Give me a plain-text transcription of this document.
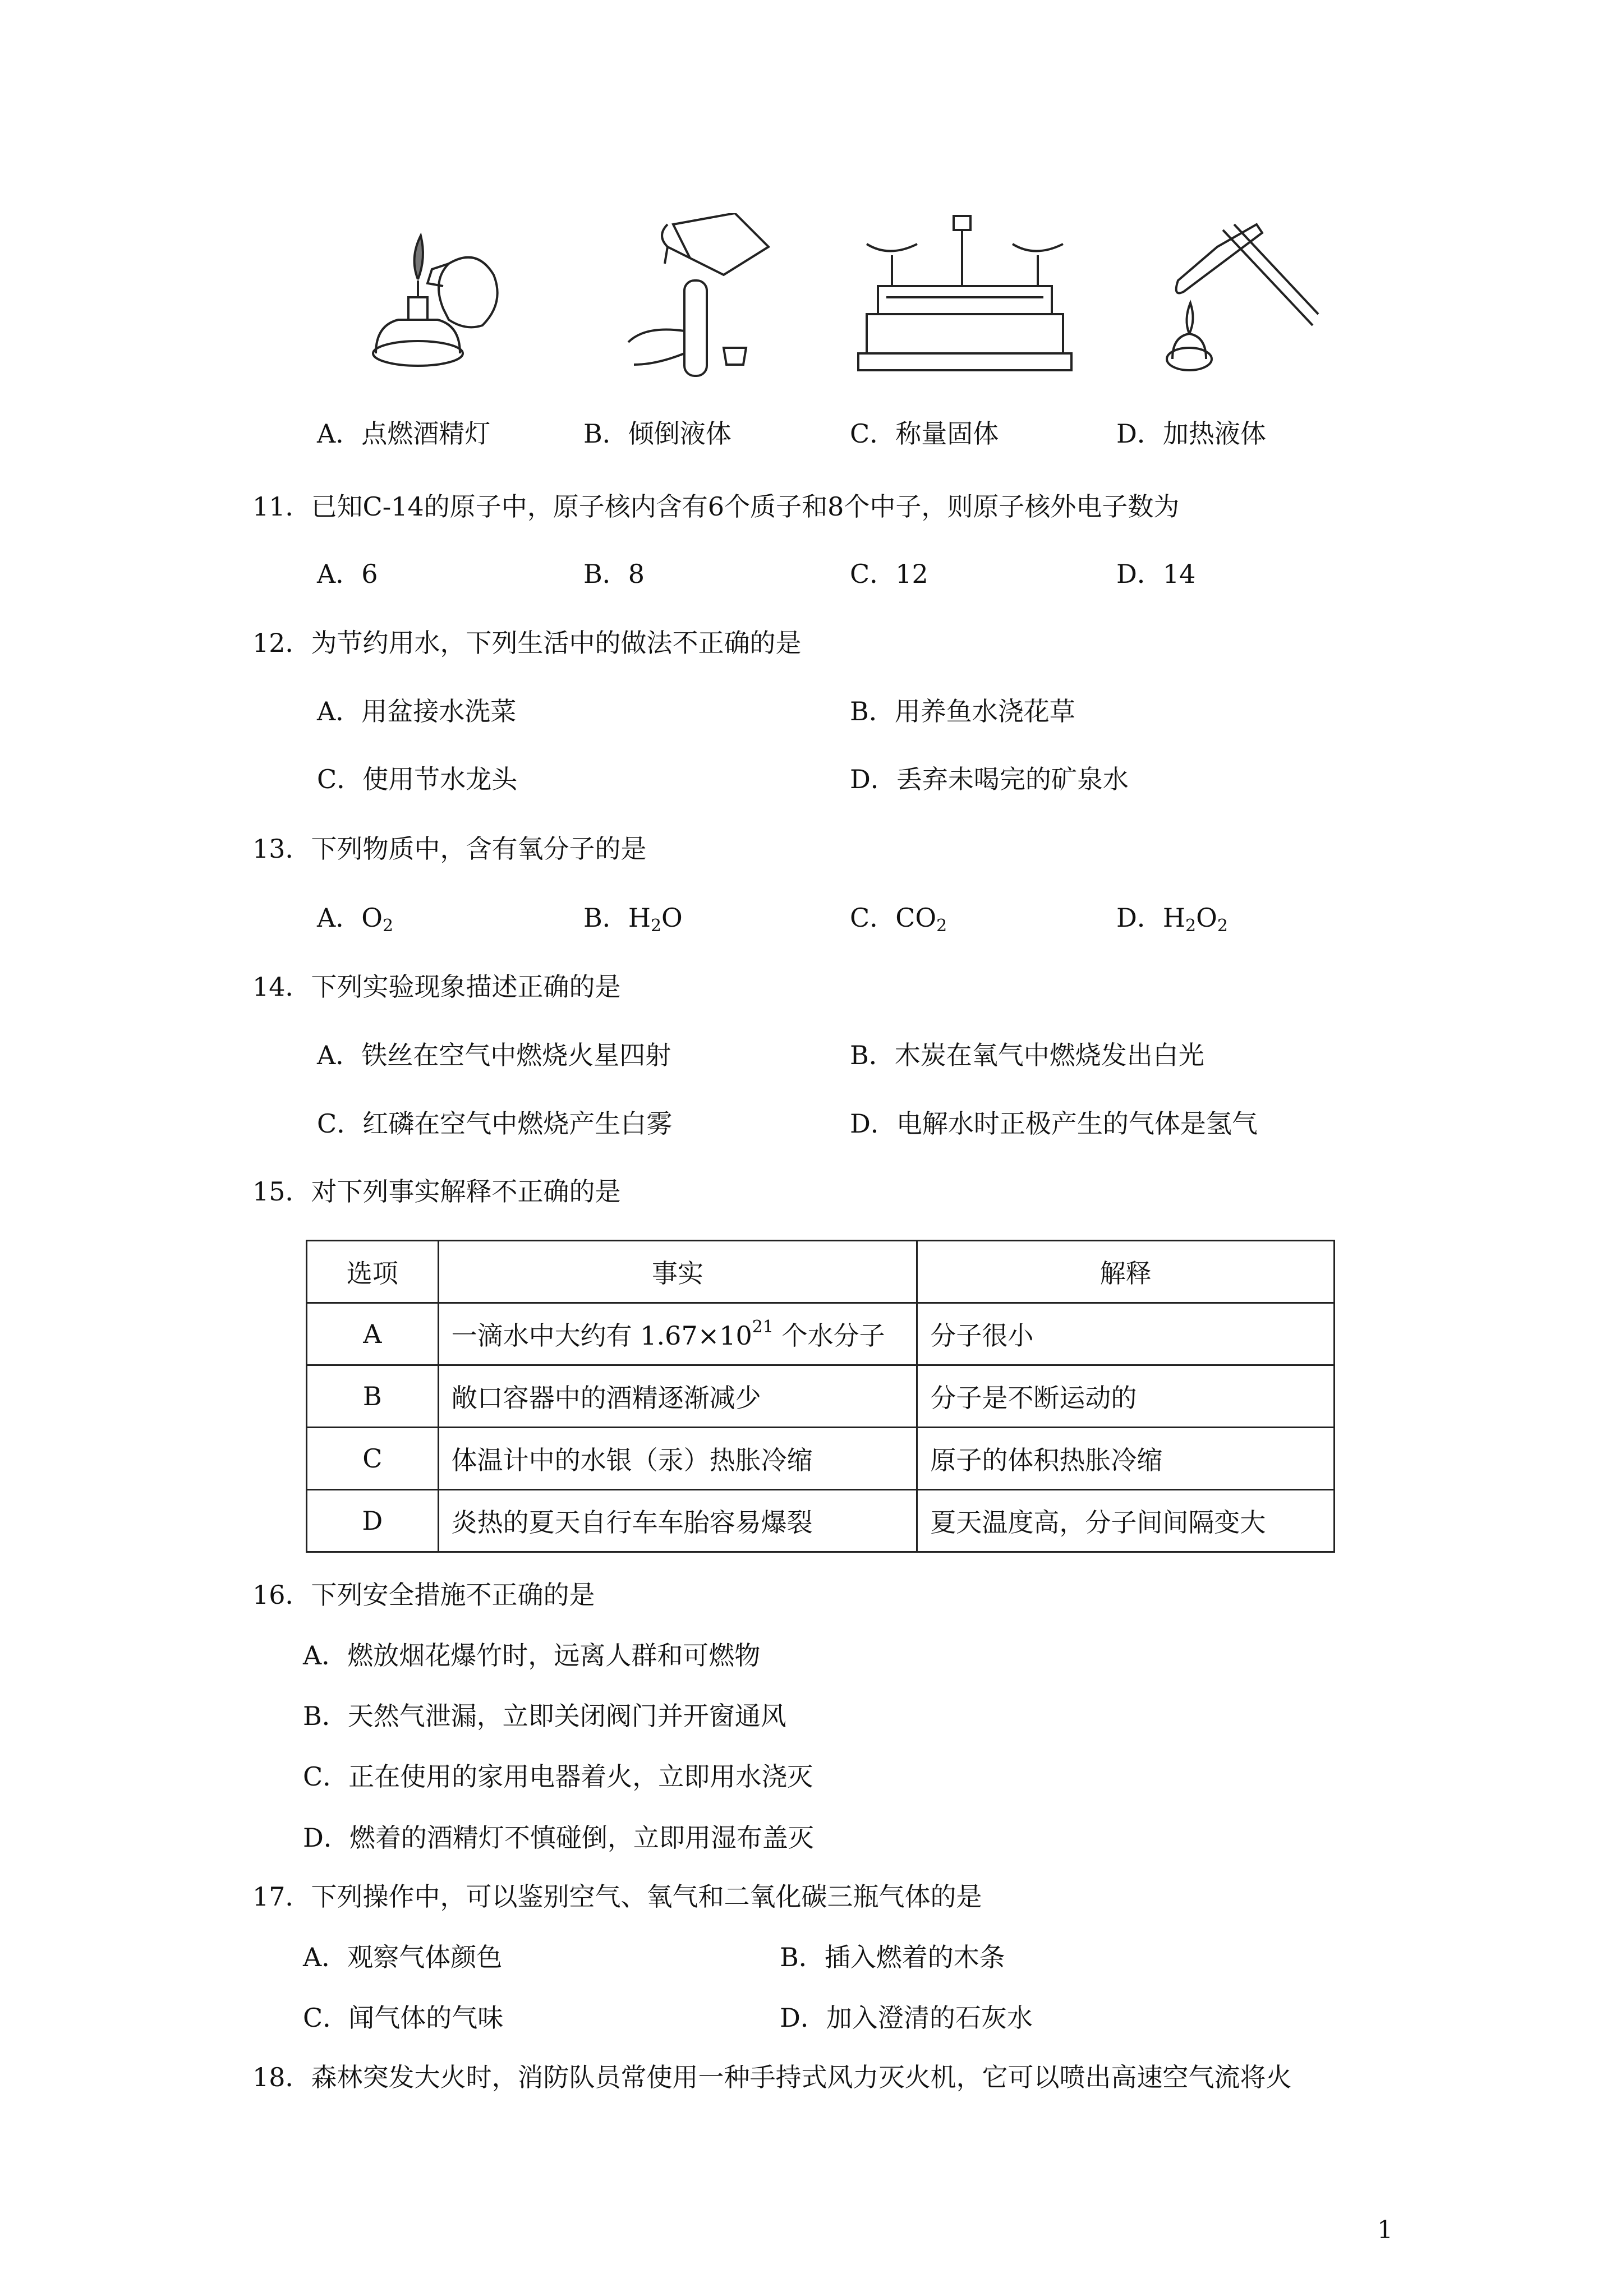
A．点燃酒精灯	B．倾倒液体	C．称量固体	D．加热液体
11．已知C-14的原子中，原子核内含有6个质子和8个中子，则原子核外电子数为
A．6	B．8	C．12	D．14
12．为节约用水，下列生活中的做法不正确的是
A．用盆接水洗菜	B．用养鱼水浇花草
C．使用节水龙头	D．丢弃未喝完的矿泉水
13．下列物质中，含有氧分子的是
A．$O_2$	B．$H_2O$	C．$CO_2$	D．$H_2O_2$
14．下列实验现象描述正确的是
A．铁丝在空气中燃烧火星四射	B．木炭在氧气中燃烧发出白光
C．红磷在空气中燃烧产生白雾	D．电解水时正极产生的气体是氢气
15．对下列事实解释不正确的是
选项	事实	解释
A	一滴水中大约有 $1.67\times 10^{21}$ 个水分子	分子很小
B	敞口容器中的酒精逐渐减少	分子是不断运动的
C	体温计中的水银（汞）热胀冷缩	原子的体积热胀冷缩
D	炎热的夏天自行车车胎容易爆裂	夏天温度高，分子间间隔变大
16．下列安全措施不正确的是
A．燃放烟花爆竹时，远离人群和可燃物
B．天然气泄漏，立即关闭阀门并开窗通风
C．正在使用的家用电器着火，立即用水浇灭
D．燃着的酒精灯不慎碰倒，立即用湿布盖灭
17．下列操作中，可以鉴别空气、氧气和二氧化碳三瓶气体的是
A．观察气体颜色	B．插入燃着的木条
C．闻气体的气味	D．加入澄清的石灰水
18．森林突发大火时，消防队员常使用一种手持式风力灭火机，它可以喷出高速空气流将火
1
